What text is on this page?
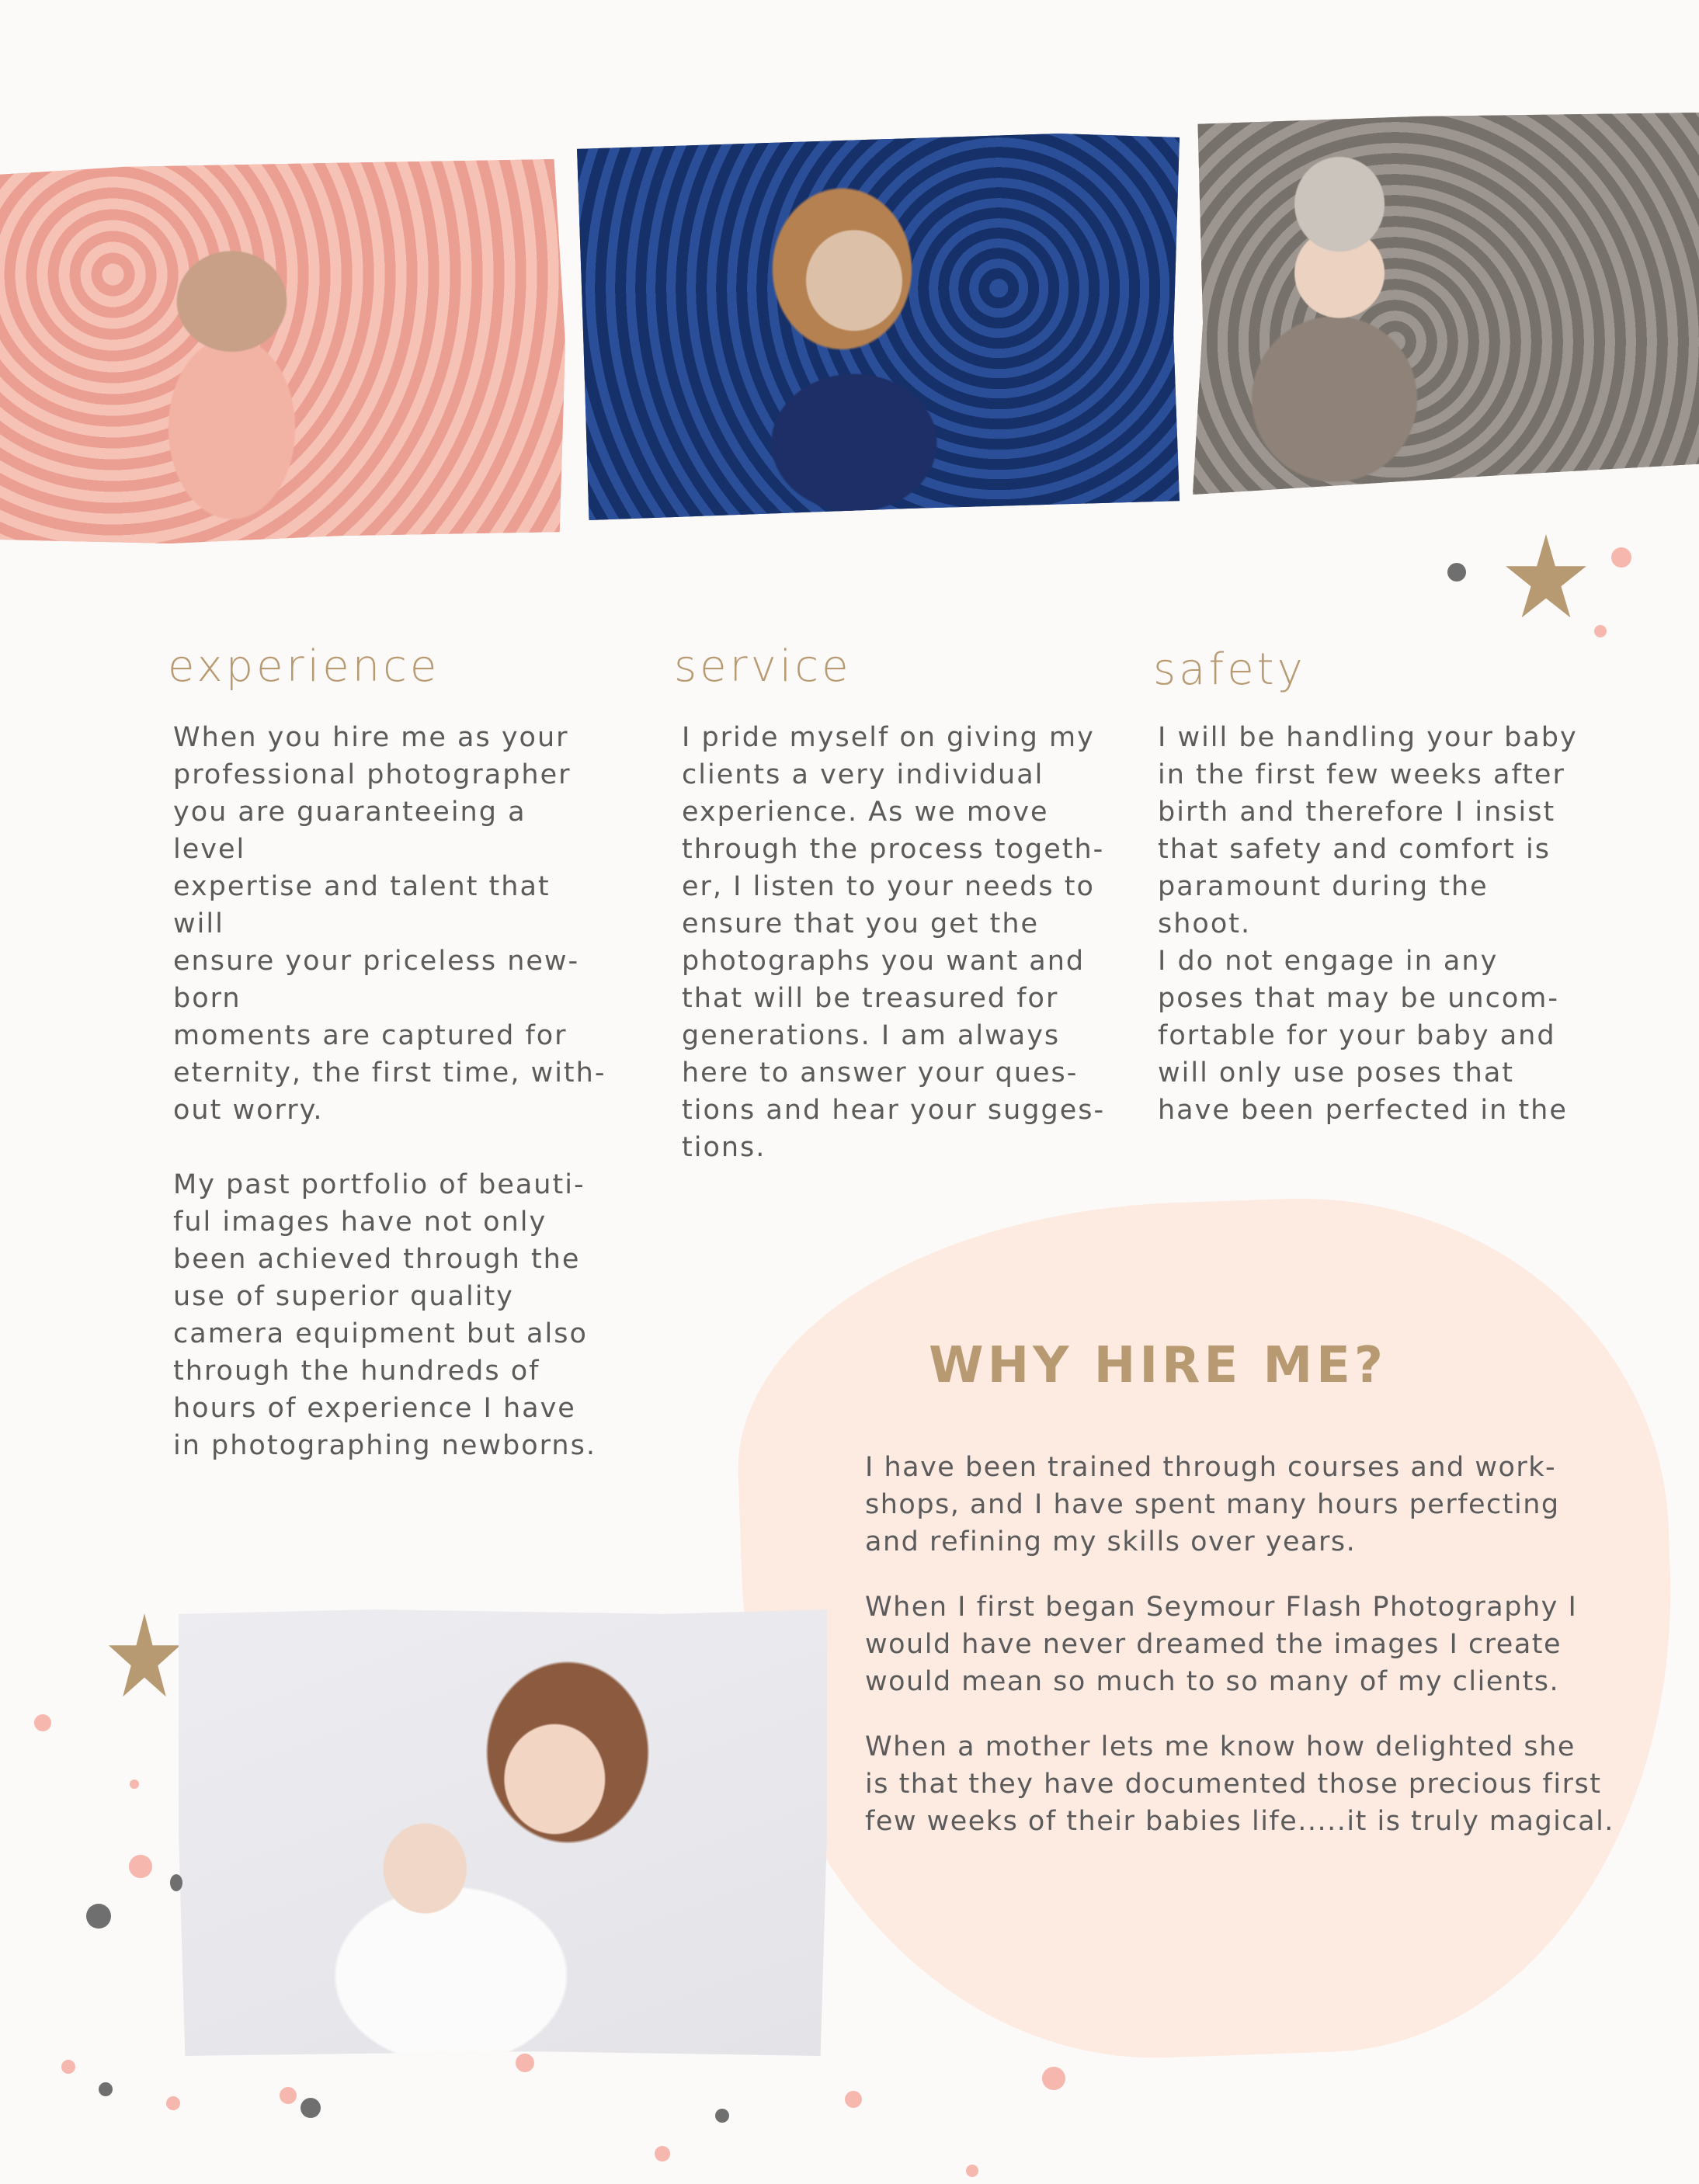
experience

When you hire me as your
professional photographer
you are guaranteeing a level
expertise and talent that will
ensure your priceless new-
born
moments are captured for
eternity, the first time, with-
out worry.

My past portfolio of beauti-
ful images have not only
been achieved through the
use of superior quality
camera equipment but also
through the hundreds of
hours of experience I have
in photographing newborns.

service

I pride myself on giving my
clients a very individual
experience. As we move
through the process togeth-
er, I listen to your needs to
ensure that you get the
photographs you want and
that will be treasured for
generations. I am always
here to answer your ques-
tions and hear your sugges-
tions.

safety

I will be handling your baby
in the first few weeks after
birth and therefore I insist
that safety and comfort is
paramount during the
shoot.
I do not engage in any
poses that may be uncom-
fortable for your baby and
will only use poses that
have been perfected in the

WHY HIRE ME?

I have been trained through courses and work-
shops, and I have spent many hours perfecting
and refining my skills over years.

When I first began Seymour Flash Photography I
would have never dreamed the images I create
would mean so much to so many of my clients.

When a mother lets me know how delighted she
is that they have documented those precious first
few weeks of their babies life.....it is truly magical.
